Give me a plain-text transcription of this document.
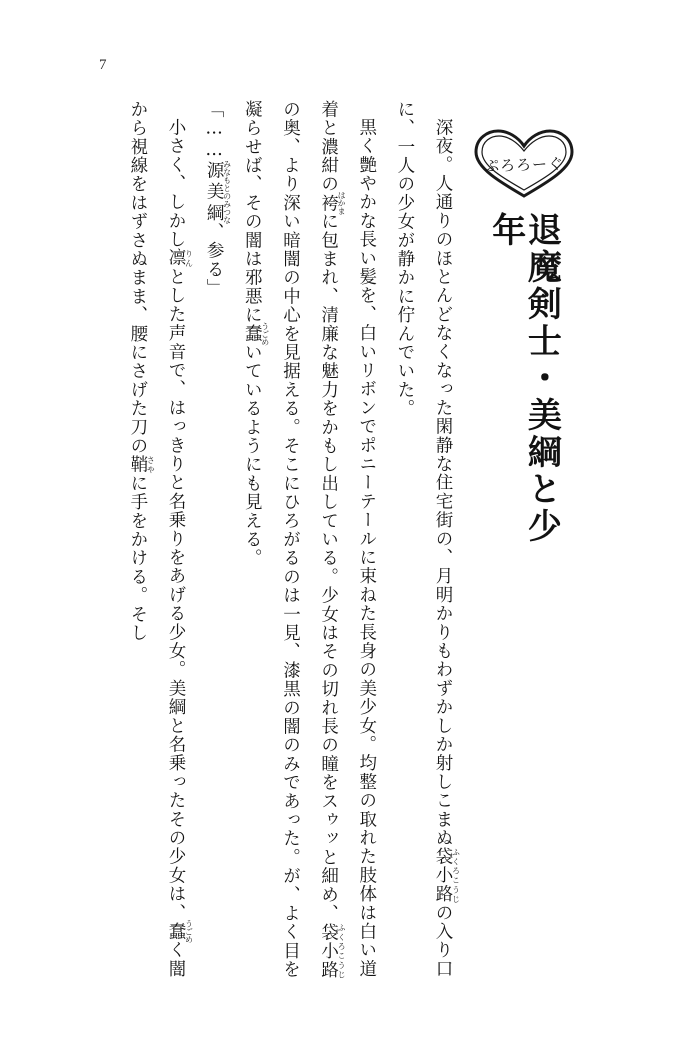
7
ぷろろーぐ
退魔剣士・美綱と少年

深夜。人通りのほとんどなくなった閑静な住宅街の、月明かりもわずかしか射しこまぬ袋小路ふくろこうじの入り口に、一人の少女が静かに佇んでいた。

黒く艶やかな長い髪を、白いリボンでポニーテールに束ねた長身の美少女。均整の取れた肢体は白い道着と濃紺の袴はかまに包まれ、清廉な魅力をかもし出している。少女はその切れ長の瞳をスゥッと細め、袋小路ふくろこうじの奥、より深い暗闇の中心を見据える。そこにひろがるのは一見、漆黒の闇のみであった。が、よく目を凝らせば、その闇は邪悪に蠢うごめいているようにも見える。

「……源美綱みなもとのみつな、参る」

小さく、しかし凛りんとした声音で、はっきりと名乗りをあげる少女。美綱と名乗ったその少女は、蠢うごめく闇から視線をはずさぬまま、腰にさげた刀の鞘さやに手をかける。そし
